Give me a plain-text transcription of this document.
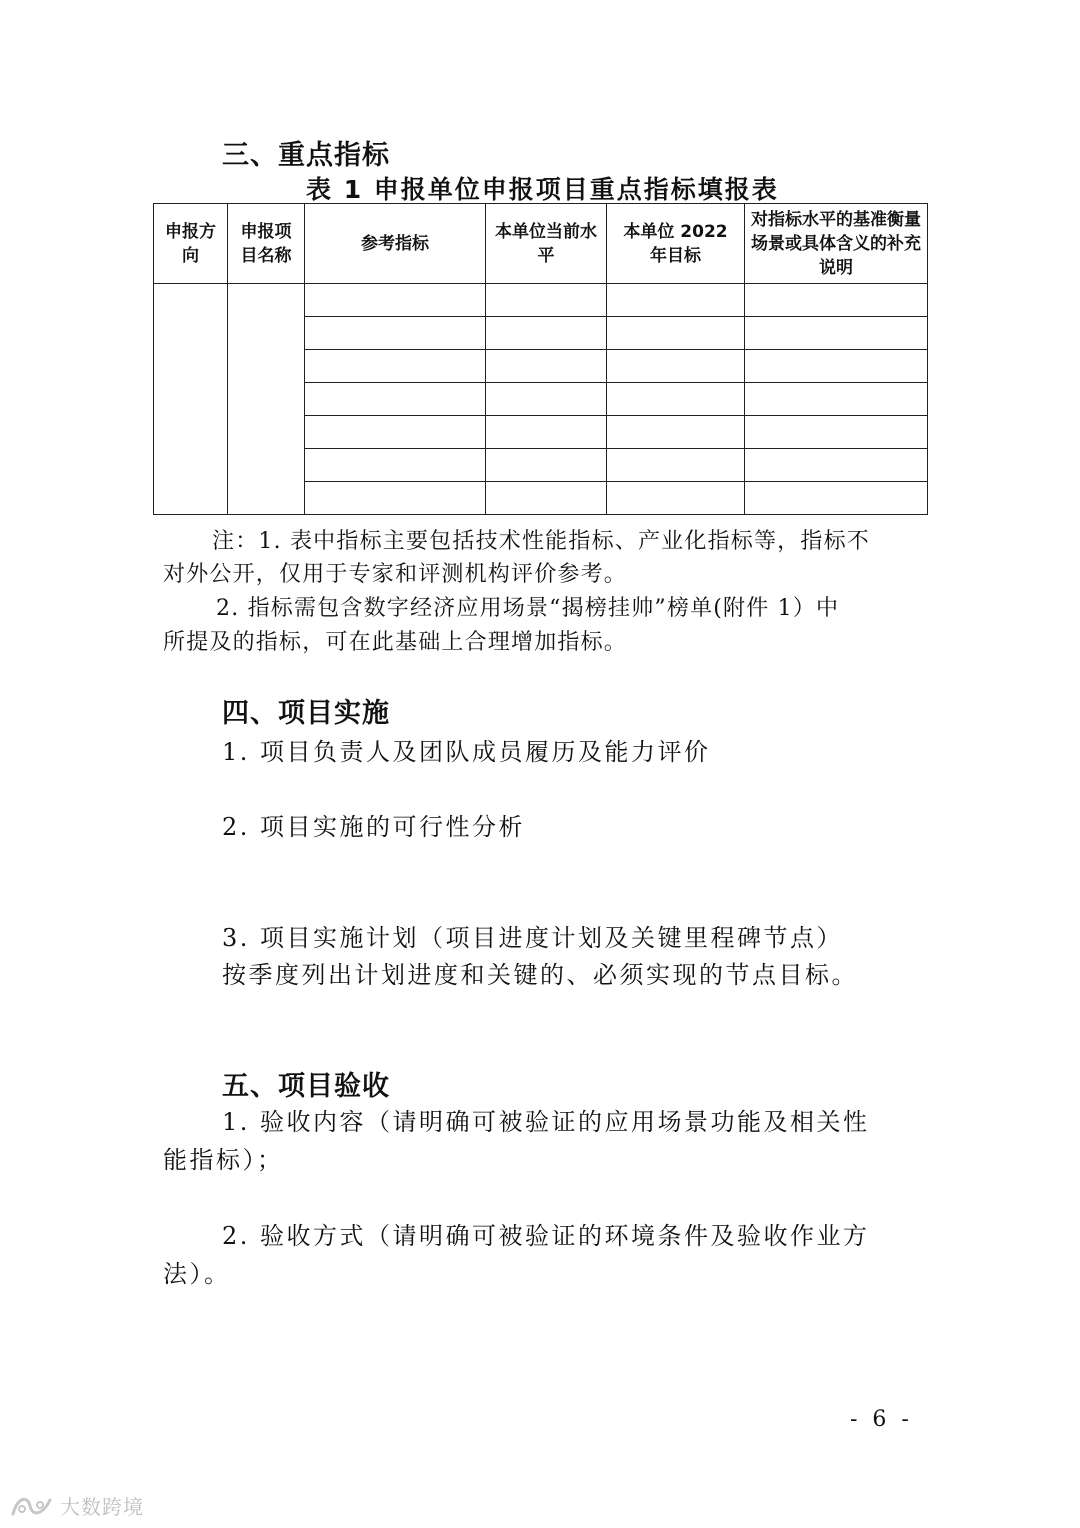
三、重点指标
表 1 申报单位申报项目重点指标填报表
申报方向	申报项目名称	参考指标	本单位当前水平	本单位 2022 年目标	对指标水平的基准衡量场景或具体含义的补充说明

注：1. 表中指标主要包括技术性能指标、产业化指标等，指标不
对外公开，仅用于专家和评测机构评价参考。
2. 指标需包含数字经济应用场景“揭榜挂帅”榜单(附件 1）中
所提及的指标，可在此基础上合理增加指标。
四、项目实施
1. 项目负责人及团队成员履历及能力评价
2. 项目实施的可行性分析
3. 项目实施计划（项目进度计划及关键里程碑节点）
按季度列出计划进度和关键的、必须实现的节点目标。
五、项目验收
1. 验收内容（请明确可被验证的应用场景功能及相关性
能指标）；
2. 验收方式（请明确可被验证的环境条件及验收作业方
法）。
- 6 -
大数跨境
